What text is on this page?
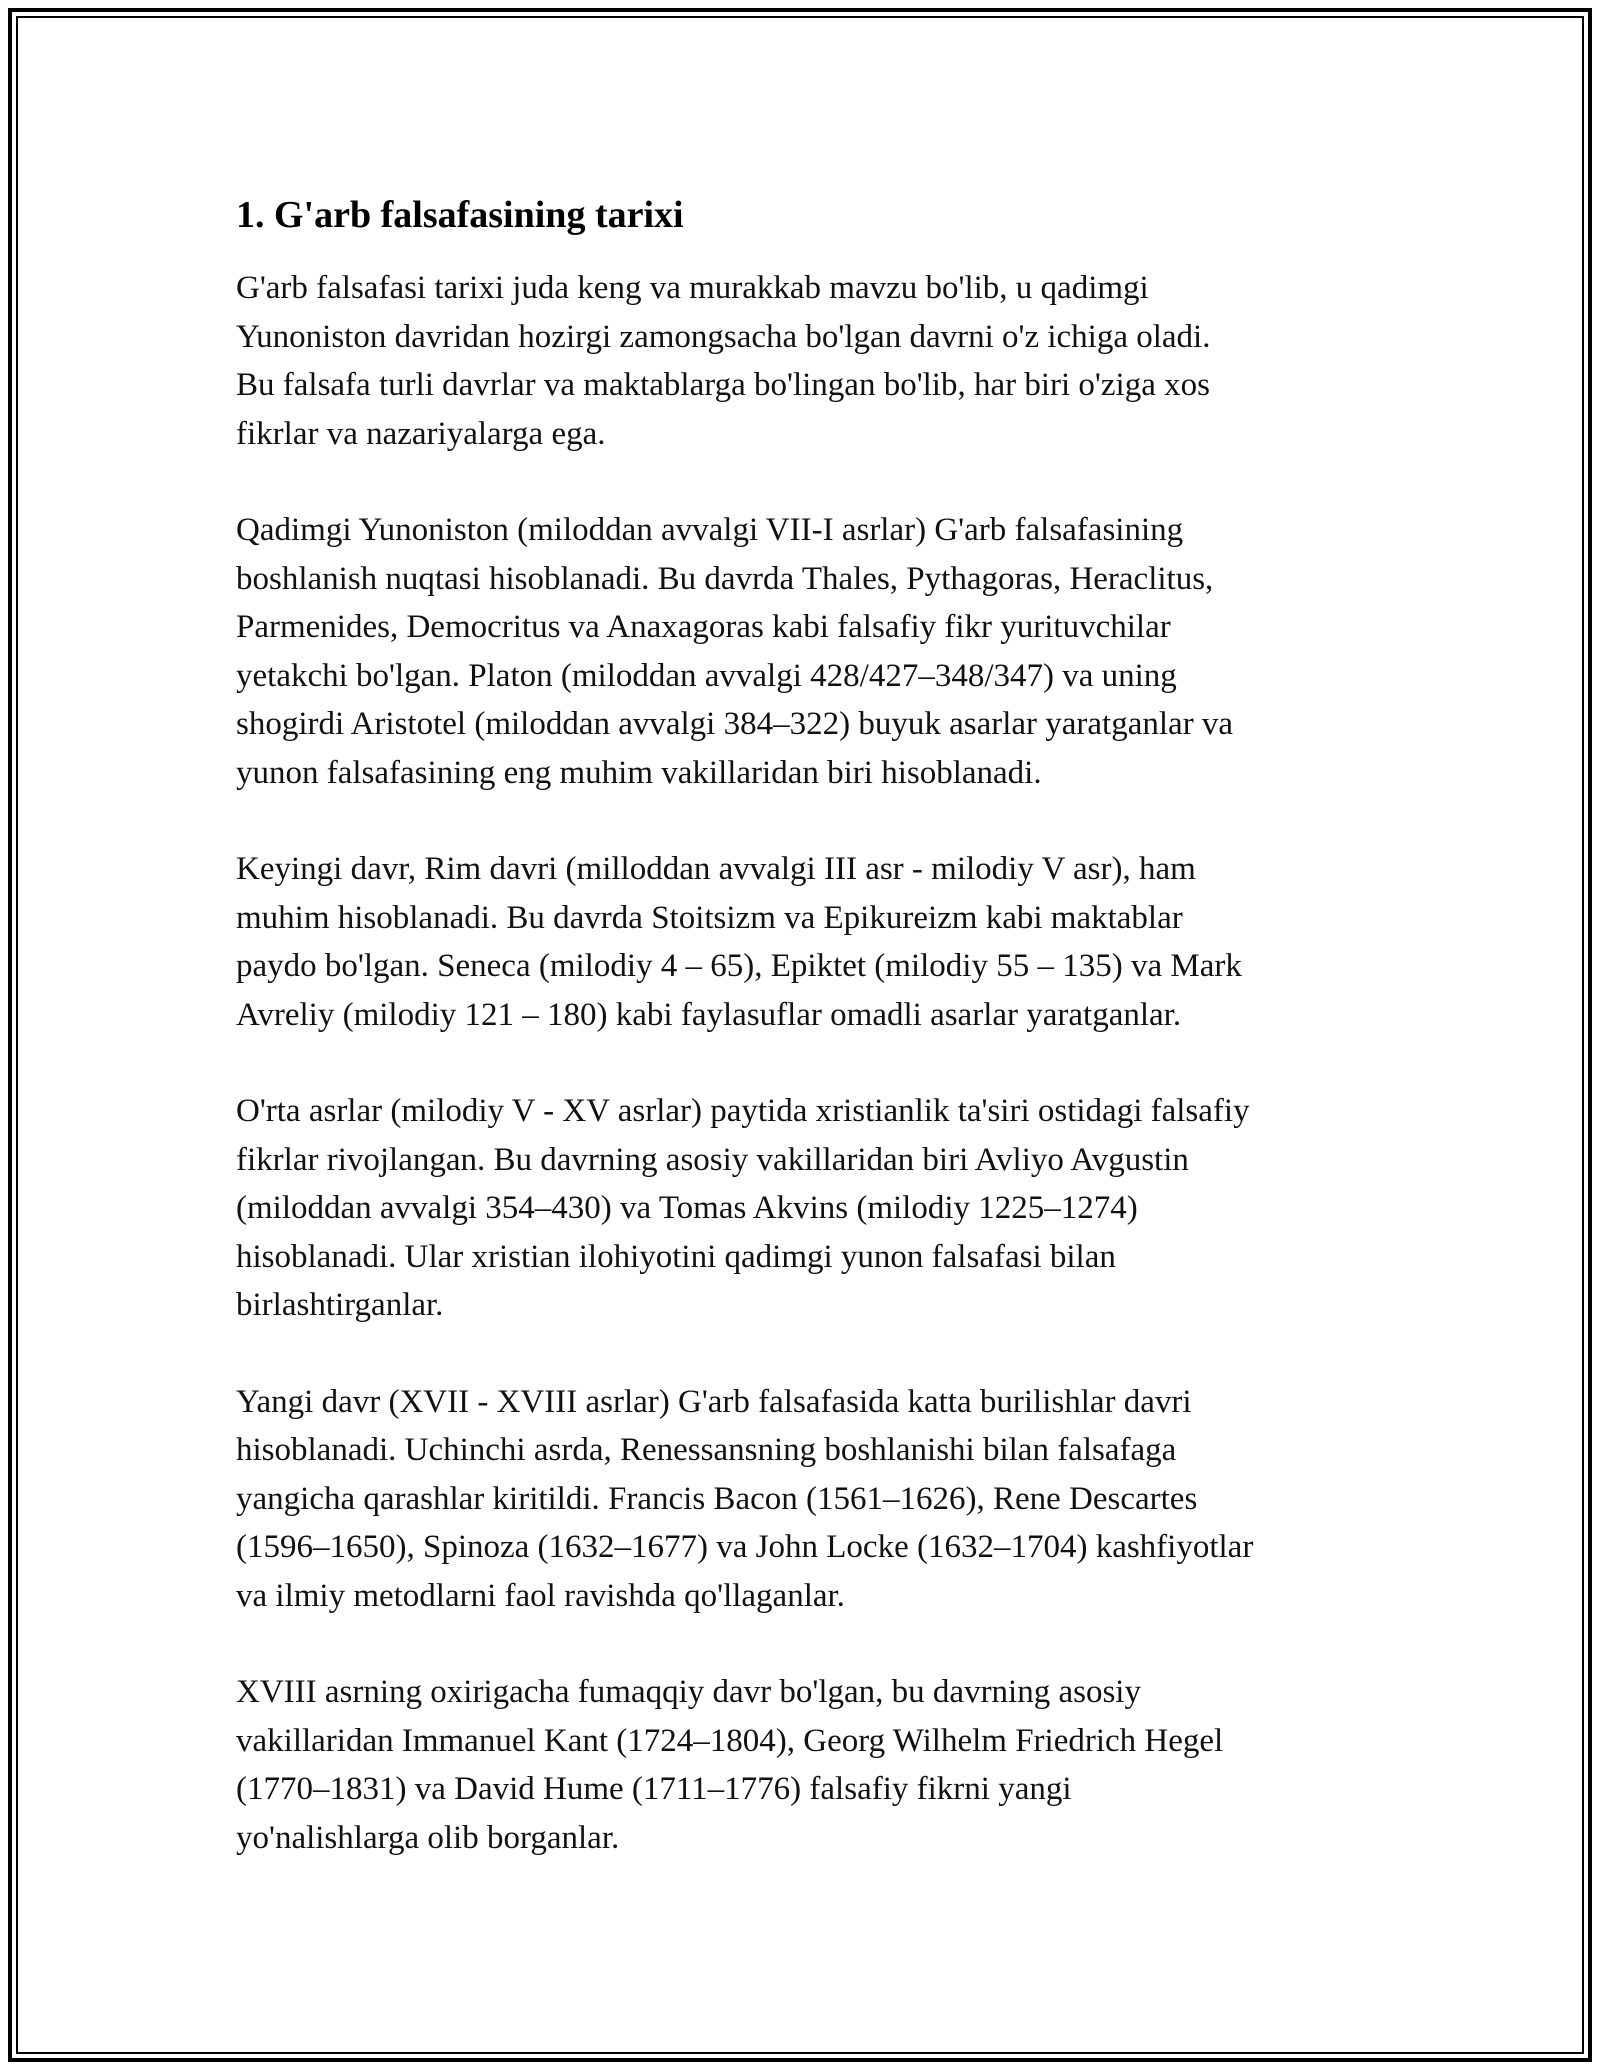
1. G'arb falsafasining tarixi

G'arb falsafasi tarixi juda keng va murakkab mavzu bo'lib, u qadimgi
Yunoniston davridan hozirgi zamongsacha bo'lgan davrni o'z ichiga oladi.
Bu falsafa turli davrlar va maktablarga bo'lingan bo'lib, har biri o'ziga xos
fikrlar va nazariyalarga ega.

Qadimgi Yunoniston (miloddan avvalgi VII-I asrlar) G'arb falsafasining
boshlanish nuqtasi hisoblanadi. Bu davrda Thales, Pythagoras, Heraclitus,
Parmenides, Democritus va Anaxagoras kabi falsafiy fikr yurituvchilar
yetakchi bo'lgan. Platon (miloddan avvalgi 428/427–348/347) va uning
shogirdi Aristotel (miloddan avvalgi 384–322) buyuk asarlar yaratganlar va
yunon falsafasining eng muhim vakillaridan biri hisoblanadi.

Keyingi davr, Rim davri (milloddan avvalgi III asr - milodiy V asr), ham
muhim hisoblanadi. Bu davrda Stoitsizm va Epikureizm kabi maktablar
paydo bo'lgan. Seneca (milodiy 4 – 65), Epiktet (milodiy 55 – 135) va Mark
Avreliy (milodiy 121 – 180) kabi faylasuflar omadli asarlar yaratganlar.

O'rta asrlar (milodiy V - XV asrlar) paytida xristianlik ta'siri ostidagi falsafiy
fikrlar rivojlangan. Bu davrning asosiy vakillaridan biri Avliyo Avgustin
(miloddan avvalgi 354–430) va Tomas Akvins (milodiy 1225–1274)
hisoblanadi. Ular xristian ilohiyotini qadimgi yunon falsafasi bilan
birlashtirganlar.

Yangi davr (XVII - XVIII asrlar) G'arb falsafasida katta burilishlar davri
hisoblanadi. Uchinchi asrda, Renessansning boshlanishi bilan falsafaga
yangicha qarashlar kiritildi. Francis Bacon (1561–1626), Rene Descartes
(1596–1650), Spinoza (1632–1677) va John Locke (1632–1704) kashfiyotlar
va ilmiy metodlarni faol ravishda qo'llaganlar.

XVIII asrning oxirigacha fumaqqiy davr bo'lgan, bu davrning asosiy
vakillaridan Immanuel Kant (1724–1804), Georg Wilhelm Friedrich Hegel
(1770–1831) va David Hume (1711–1776) falsafiy fikrni yangi
yo'nalishlarga olib borganlar.
